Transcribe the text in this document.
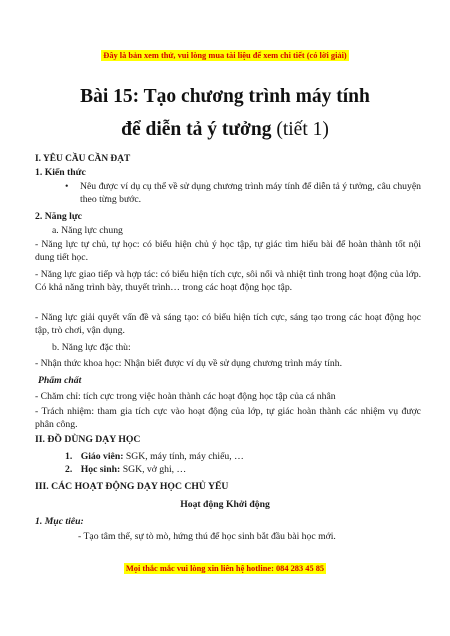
Đây là bản xem thử, vui lòng mua tài liệu để xem chi tiết (có lời giải)
Bài 15: Tạo chương trình máy tính
để diễn tả ý tưởng (tiết 1)
I. YÊU CẦU CẦN ĐẠT
1. Kiến thức
• Nêu được ví dụ cụ thể về sử dụng chương trình máy tính để diễn tả ý tưởng, câu chuyện theo từng bước.
2. Năng lực
a. Năng lực chung
- Năng lực tự chủ, tự học: có biểu hiện chủ ý học tập, tự giác tìm hiểu bài để hoàn thành tốt nội dung tiết học.
- Năng lực giao tiếp và hợp tác: có biểu hiện tích cực, sôi nổi và nhiệt tình trong hoạt động của lớp. Có khả năng trình bày, thuyết trình… trong các hoạt động học tập.
- Năng lực giải quyết vấn đề và sáng tạo: có biểu hiện tích cực, sáng tạo trong các hoạt động học tập, trò chơi, vận dụng.
b. Năng lực đặc thù:
- Nhận thức khoa học: Nhận biết được ví dụ về sử dụng chương trình máy tính.
Phẩm chất
- Chăm chỉ: tích cực trong việc hoàn thành các hoạt động học tập của cá nhân
- Trách nhiệm: tham gia tích cực vào hoạt động của lớp, tự giác hoàn thành các nhiệm vụ được phân công.
II. ĐỒ DÙNG DẠY HỌC
1. Giáo viên: SGK, máy tính, máy chiếu, …
2. Học sinh: SGK, vở ghi, …
III. CÁC HOẠT ĐỘNG DẠY HỌC CHỦ YẾU
Hoạt động Khởi động
1. Mục tiêu:
- Tạo tâm thế, sự tò mò, hứng thú để học sinh bắt đầu bài học mới.
Mọi thắc mắc vui lòng xin liên hệ hotline: 084 283 45 85
